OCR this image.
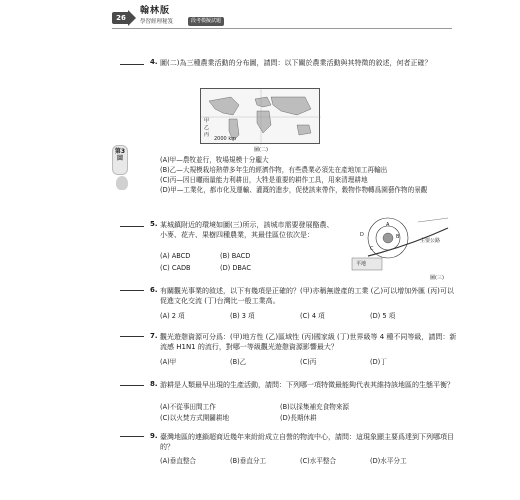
26
翰林版
學習經理秘笈	段考模擬試題
第3回
4. 圖(二)為三種農業活動的分布圖，請問：以下關於農業活動與其特徵的敘述，何者正確？
甲
乙
丙
2000 km
圖(二)
(A)甲—農牧並行，牧場規模十分龐大
(B)乙—大規模栽培熱帶多年生的經濟作物，有些農業必須先在產地加工再輸出
(C)丙—因日曬雨量能力利耕田，大牲是重要的耕作工具，用來清理耕地
(D)甲—工業化，都市化及運輸、灌溉的進步，促使該來帶作，穀物作物轉爲園藝作物的景觀
5. 某城鎮附近的環境如圖(三)所示，該城市需要發展酪農、小麥、花卉、果樹四種農業，其最佳區位依次是：
A
B
C
D
主要公路
平地
圖(三)
(A) ABCD	(B) BACD
(C) CADB	(D) DBAC
6. 有關觀光事業的敘述，以下有幾項是正確的？(甲)亦稱無遊產的工業 (乙)可以增加外匯 (丙)可以促進文化交流 (丁)台灣比一般工業高。
(A) 2 項	(B) 3 項	(C) 4 項	(D) 5 項
7. 觀光遊憩資源可分爲：(甲)地方性 (乙)區域性 (丙)國家級 (丁)世界級等 4 種不同等級，請問：新流感 H1N1 的流行，對哪一等級觀光遊憩資源影響最大？
(A)甲	(B)乙	(C)丙	(D)丁
8. 游耕是人類最早出現的生產活動，請問：下列哪一項特徵最能夠代表其維持該地區的生態平衡？
(A)不從事田間工作	(B)以採集補充食物來源
(C)以火焚方式開闢耕地	(D)長期休耕
9. 臺灣地區的連鎖超商近幾年來紛紛成立自營的物流中心，請問：這現象顯主要爲達到下列哪項目的？
(A)垂直整合	(B)垂直分工	(C)水平整合	(D)水平分工
